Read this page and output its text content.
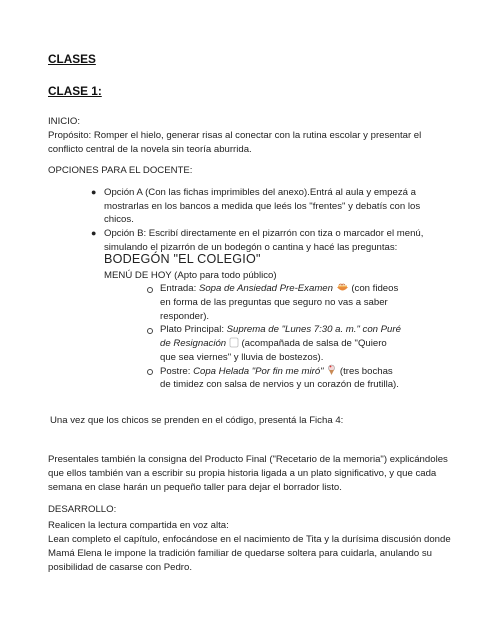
CLASES

CLASE 1:

INICIO:

Propósito: Romper el hielo, generar risas al conectar con la rutina escolar y presentar el

conflicto central de la novela sin teoría aburrida.

OPCIONES PARA EL DOCENTE:

● Opción A (Con las fichas imprimibles del anexo).Entrá al aula y empezá a

mostrarlas en los bancos a medida que leés los "frentes" y debatís con los

chicos.

● Opción B: Escribí directamente en el pizarrón con tiza o marcador el menú,

simulando el pizarrón de un bodegón o cantina y hacé las preguntas:

BODEGÓN "EL COLEGIO"

MENÚ DE HOY (Apto para todo público)

Entrada: Sopa de Ansiedad Pre-Examen  (con fideos

en forma de las preguntas que seguro no vas a saber

responder).

Plato Principal: Suprema de "Lunes 7:30 a. m." con Puré

de Resignación  (acompañada de salsa de "Quiero

que sea viernes" y lluvia de bostezos).

Postre: Copa Helada "Por fin me miró"  (tres bochas

de timidez con salsa de nervios y un corazón de frutilla).

Una vez que los chicos se prenden en el código, presentá la Ficha 4:

Presentales también la consigna del Producto Final ("Recetario de la memoria") explicándoles

que ellos también van a escribir su propia historia ligada a un plato significativo, y que cada

semana en clase harán un pequeño taller para dejar el borrador listo.

DESARROLLO:

Realicen la lectura compartida en voz alta:

Lean completo el capítulo, enfocándose en el nacimiento de Tita y la durísima discusión donde

Mamá Elena le impone la tradición familiar de quedarse soltera para cuidarla, anulando su

posibilidad de casarse con Pedro.
